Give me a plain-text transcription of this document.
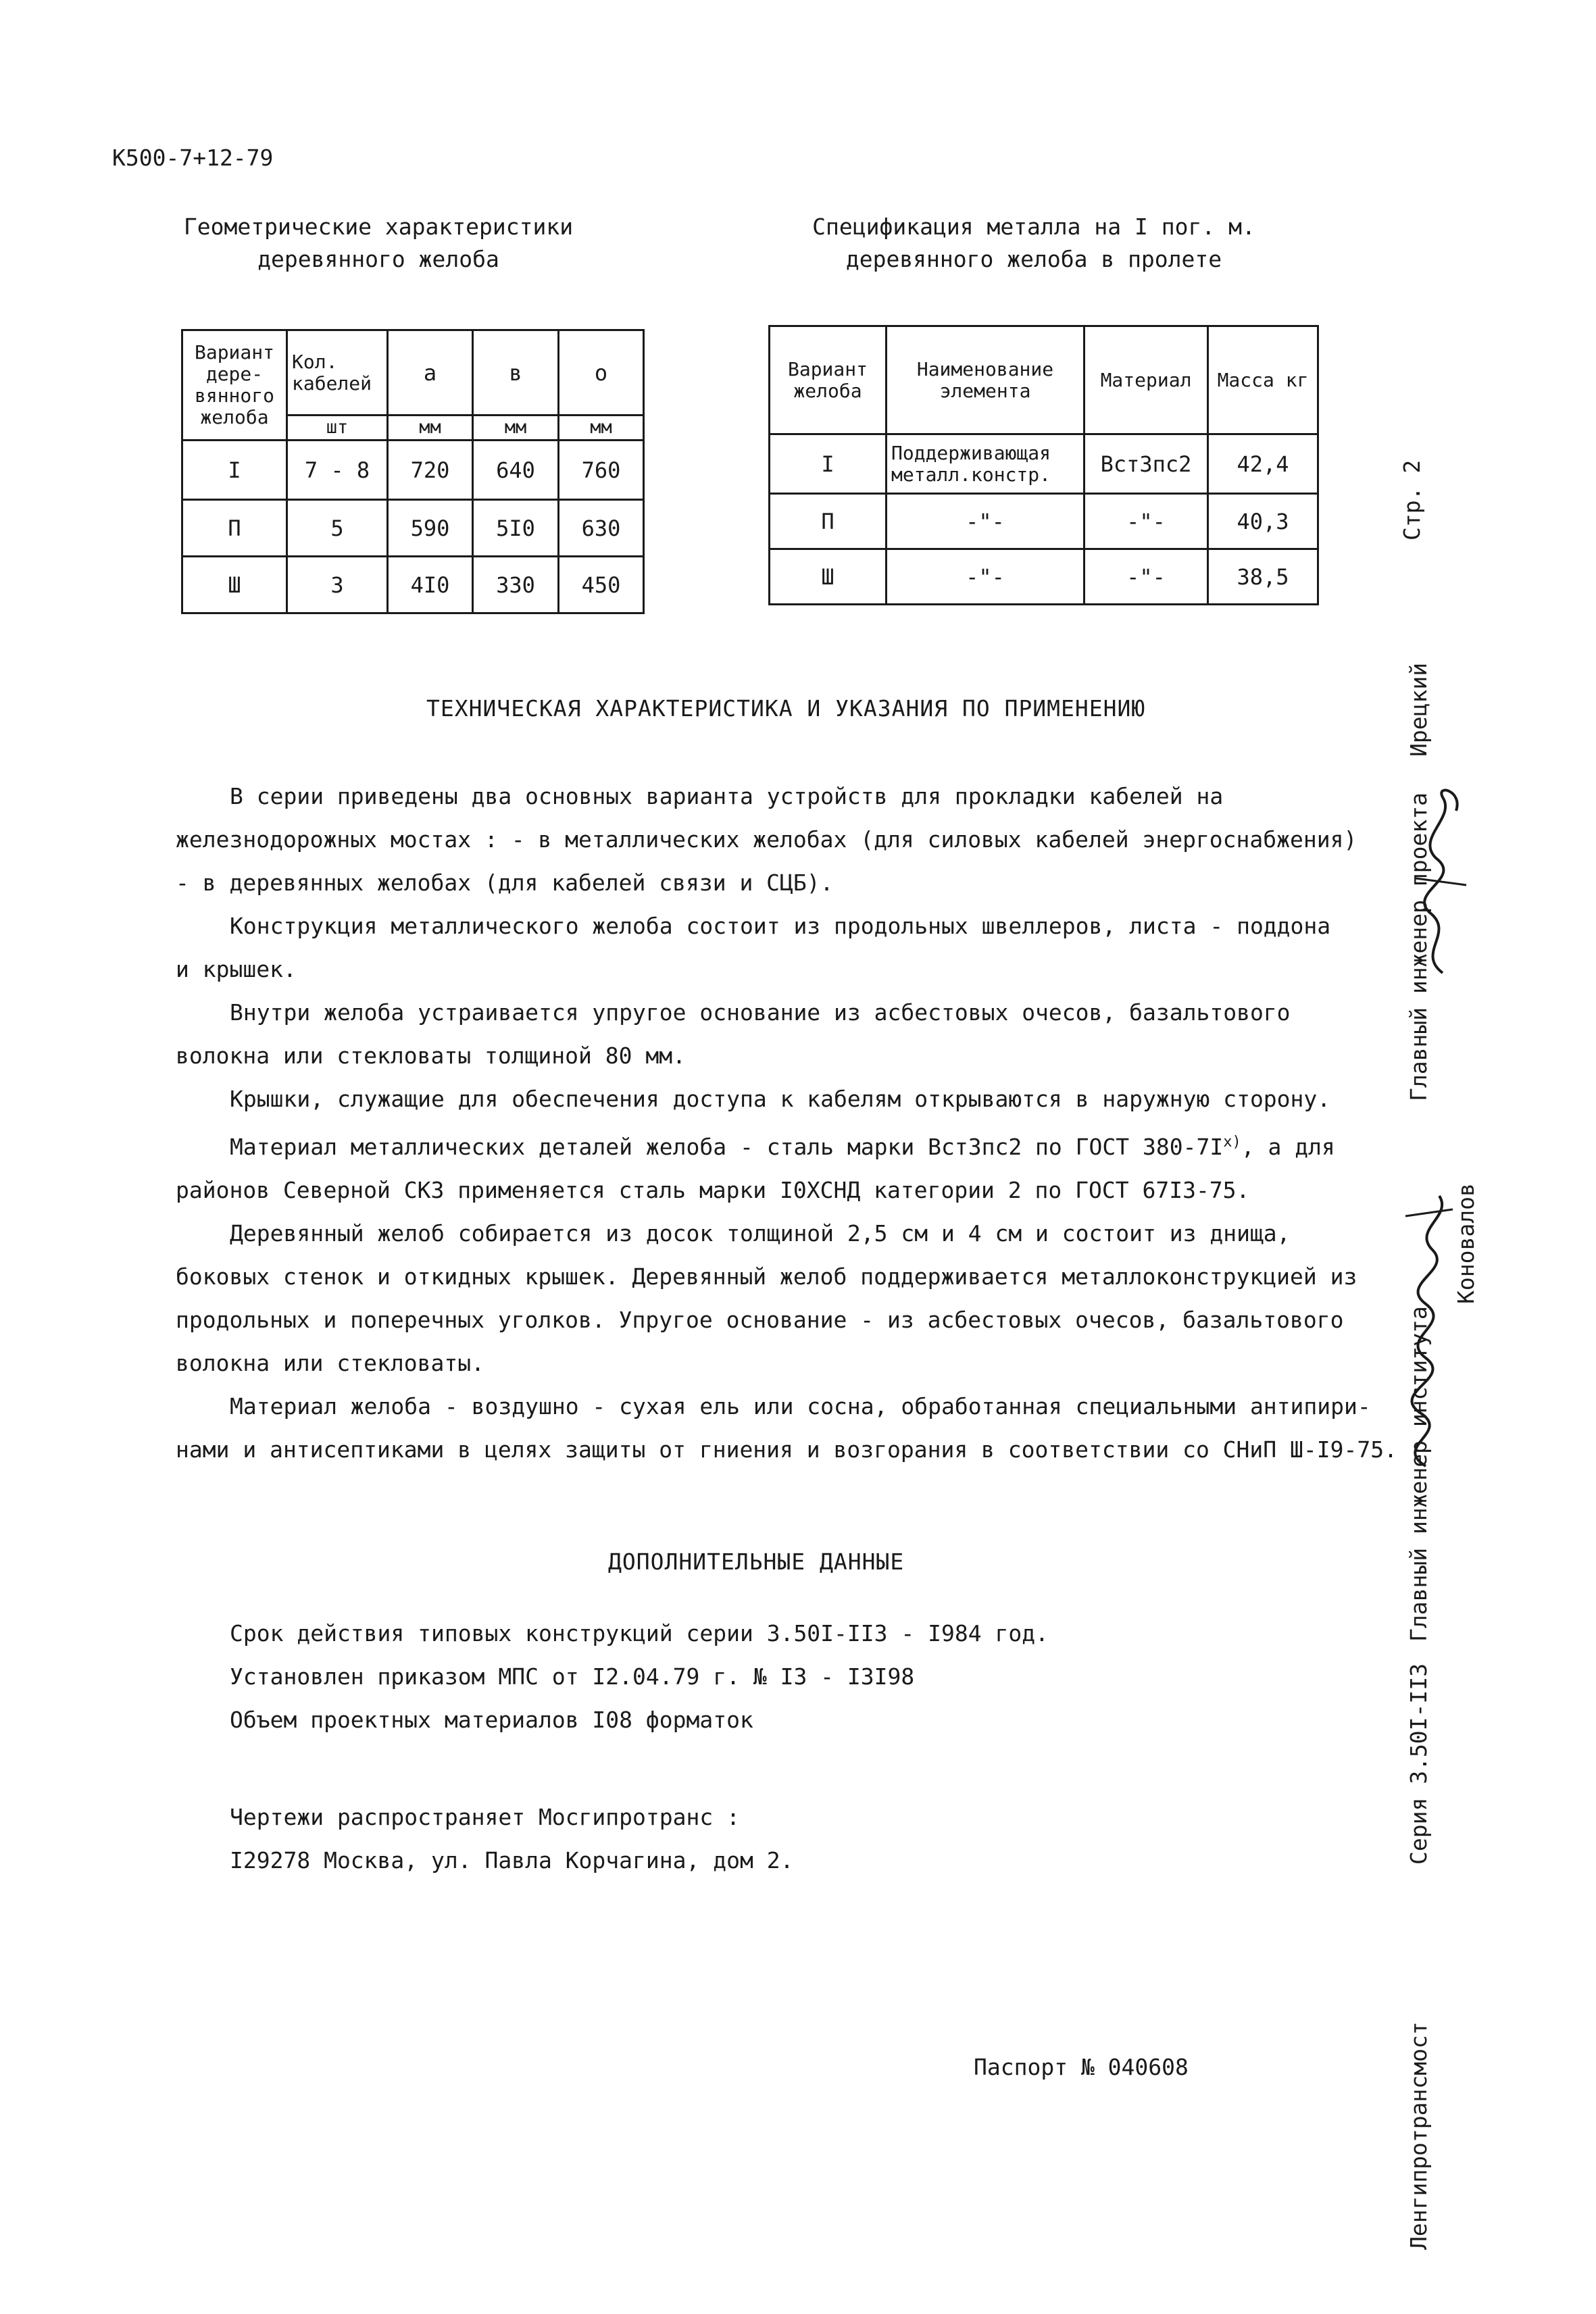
К500-7+12-79
Геометрические характеристики
деревянного желоба
Спецификация металла на I пог. м.
деревянного желоба в пролете
Вариант дере-вянного желоба	Кол. кабелей	а	в	о
	шт	мм	мм	мм
I	7 - 8	720	640	760
П	5	590	5I0	630
Ш	3	4I0	330	450
Вариант желоба	Наименование элемента	Материал	Масса кг
I	Поддерживающая металл.констр.	ВстЗпс2	42,4
П	-"-	-"-	40,3
Ш	-"-	-"-	38,5
ТЕХНИЧЕСКАЯ ХАРАКТЕРИСТИКА И УКАЗАНИЯ ПО ПРИМЕНЕНИЮ

В серии приведены два основных варианта устройств для прокладки кабелей на

железнодорожных мостах : - в металлических желобах (для силовых кабелей энергоснабжения)

- в деревянных желобах (для кабелей связи и СЦБ).

Конструкция металлического желоба состоит из продольных швеллеров, листа - поддона

и крышек.

Внутри желоба устраивается упругое основание из асбестовых очесов, базальтового

волокна или стекловаты толщиной 80 мм.

Крышки, служащие для обеспечения доступа к кабелям открываются в наружную сторону.

Материал металлических деталей желоба - сталь марки ВстЗпс2 по ГОСТ $380-7I^{х)}$, а для

районов Северной СКЗ применяется сталь марки I0ХСНД категории 2 по ГОСТ 67I3-75.

Деревянный желоб собирается из досок толщиной 2,5 см и 4 см и состоит из днища,

боковых стенок и откидных крышек. Деревянный желоб поддерживается металлоконструкцией из

продольных и поперечных уголков. Упругое основание - из асбестовых очесов, базальтового

волокна или стекловаты.

Материал желоба - воздушно - сухая ель или сосна, обработанная специальными антипири-

нами и антисептиками в целях защиты от гниения и возгорания в соответствии со СНиП Ш-I9-75.

ДОПОЛНИТЕЛЬНЫЕ ДАННЫЕ
Срок действия типовых конструкций серии 3.50I-II3 - I984 год.
Установлен приказом МПС от I2.04.79 г. № I3 - I3I98
Объем проектных материалов I08 форматок
Чертежи распространяет Мосгипротранс :
I29278 Москва, ул. Павла Корчагина, дом 2.
Паспорт № 040608
Стр. 2
Главный инженер проекта
Ирецкий
Главный инженер института
Коновалов
Серия 3.50I-II3
Ленгипротрансмост
